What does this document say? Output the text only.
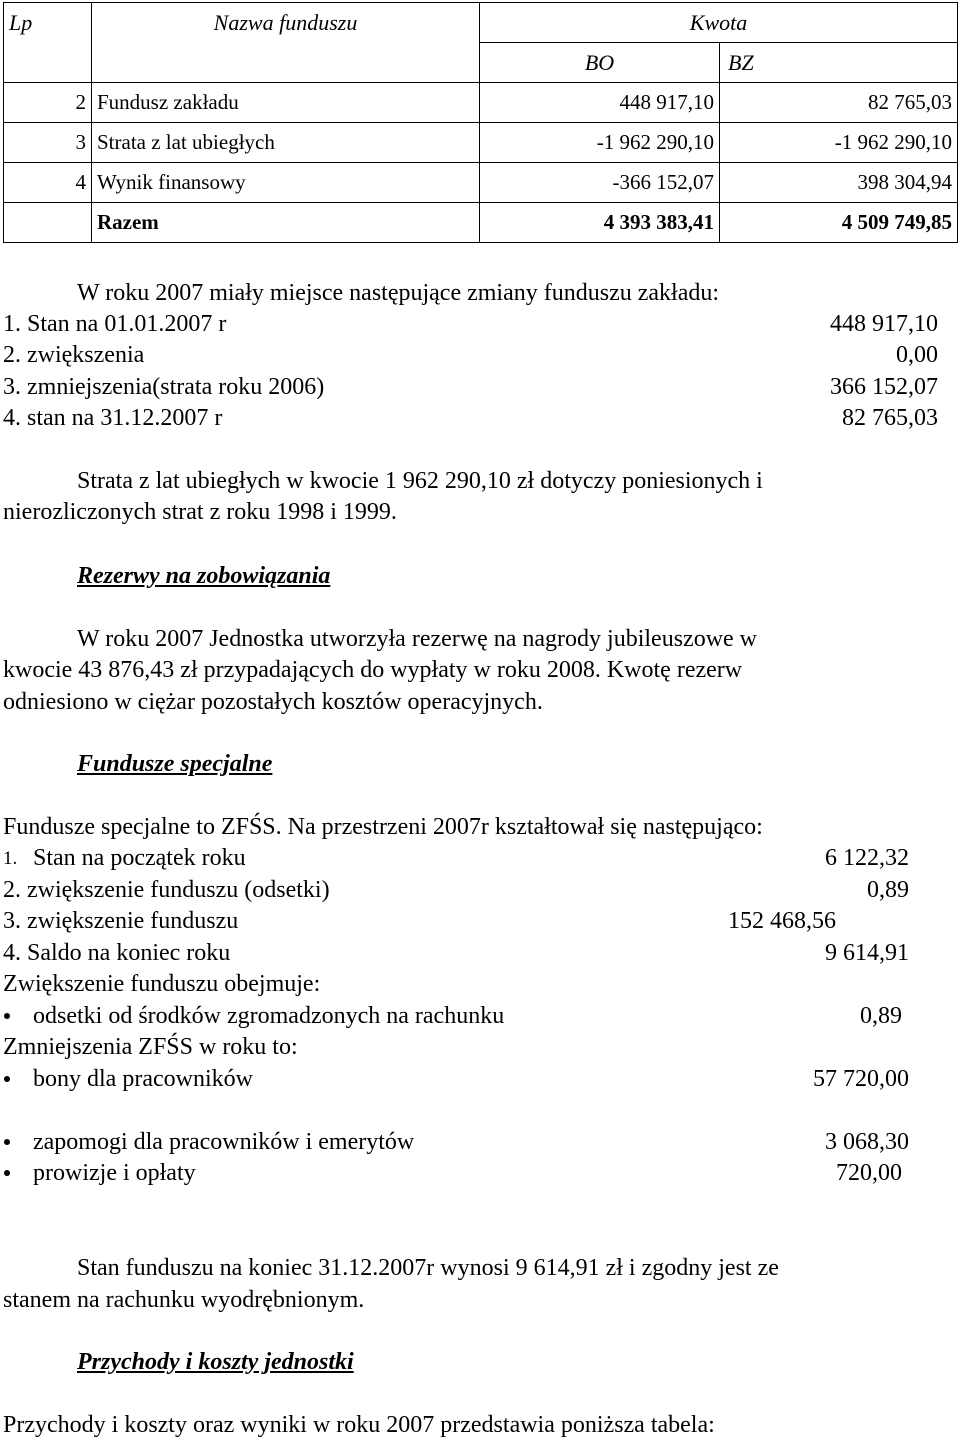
Lp	Nazwa funduszu	Kwota	
		BO	BZ
2	Fundusz zakładu	448 917,10	82 765,03
3	Strata z lat ubiegłych	-1 962 290,10	-1 962 290,10
4	Wynik finansowy	-366 152,07	398 304,94
	Razem	4 393 383,41	4 509 749,85
W roku 2007 miały miejsce następujące zmiany funduszu zakładu:
1. Stan na 01.01.2007 r	448 917,10
2. zwiększenia	0,00
3. zmniejszenia(strata roku 2006)	366 152,07
4. stan na 31.12.2007 r	82 765,03
Strata z lat ubiegłych w kwocie 1 962 290,10 zł dotyczy poniesionych i
nierozliczonych strat z roku 1998 i 1999.
Rezerwy na zobowiązania
W roku 2007 Jednostka utworzyła rezerwę na nagrody jubileuszowe w
kwocie 43 876,43 zł przypadających do wypłaty w roku 2008. Kwotę rezerw
odniesiono w ciężar pozostałych kosztów operacyjnych.
Fundusze specjalne
Fundusze specjalne to ZFŚS. Na przestrzeni 2007r kształtował się następująco:
1. Stan na początek roku	6 122,32
2. zwiększenie funduszu (odsetki)	0,89
3. zwiększenie funduszu	152 468,56
4. Saldo na koniec roku	9 614,91
Zwiększenie funduszu obejmuje:
odsetki od środków zgromadzonych na rachunku	0,89
Zmniejszenia ZFŚS w roku to:
bony dla pracowników	57 720,00
zapomogi dla pracowników i emerytów	3 068,30
prowizje i opłaty	720,00
Stan funduszu na koniec 31.12.2007r wynosi 9 614,91 zł i zgodny jest ze
stanem na rachunku wyodrębnionym.
Przychody i koszty jednostki
Przychody i koszty oraz wyniki w roku 2007 przedstawia poniższa tabela:
